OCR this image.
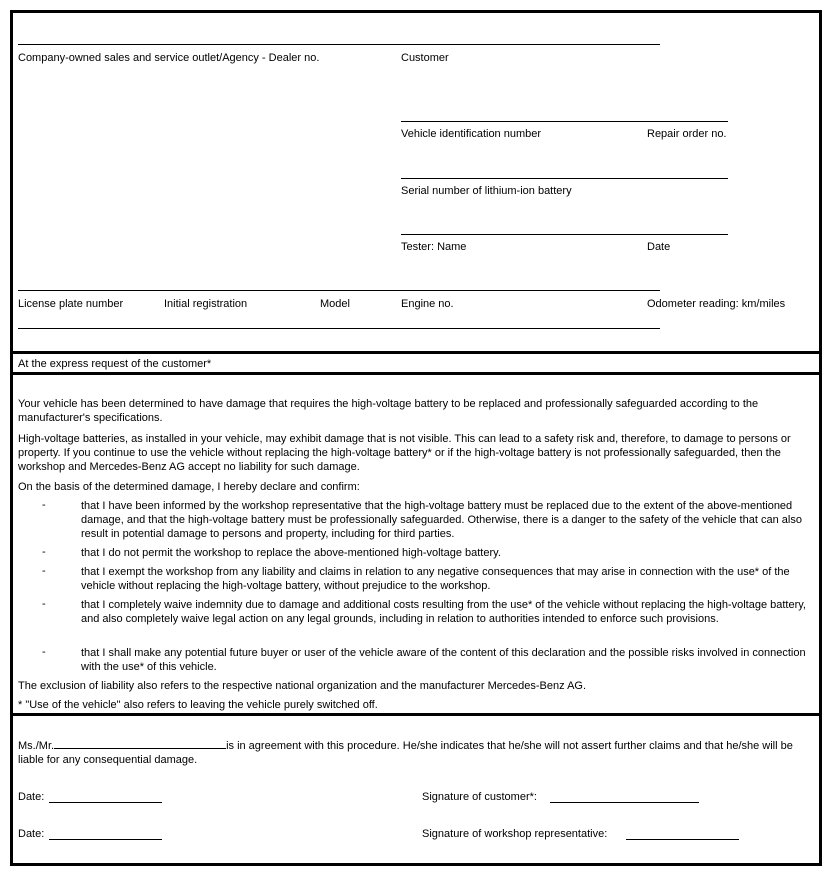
Company-owned sales and service outlet/Agency - Dealer no.	Customer
Vehicle identification number	Repair order no.
Serial number of lithium-ion battery
Tester: Name	Date
License plate number	Initial registration	Model	Engine no.	Odometer reading: km/miles
At the express request of the customer*
Your vehicle has been determined to have damage that requires the high-voltage battery to be replaced and professionally safeguarded according to the manufacturer's specifications.
High-voltage batteries, as installed in your vehicle, may exhibit damage that is not visible. This can lead to a safety risk and, therefore, to damage to persons or property. If you continue to use the vehicle without replacing the high-voltage battery* or if the high-voltage battery is not professionally safeguarded, then the workshop and Mercedes-Benz AG accept no liability for such damage.
On the basis of the determined damage, I hereby declare and confirm:
-	that I have been informed by the workshop representative that the high-voltage battery must be replaced due to the extent of the above-mentioned damage, and that the high-voltage battery must be professionally safeguarded. Otherwise, there is a danger to the safety of the vehicle that can also result in potential damage to persons and property, including for third parties.
-	that I do not permit the workshop to replace the above-mentioned high-voltage battery.
-	that I exempt the workshop from any liability and claims in relation to any negative consequences that may arise in connection with the use* of the vehicle without replacing the high-voltage battery, without prejudice to the workshop.
-	that I completely waive indemnity due to damage and additional costs resulting from the use* of the vehicle without replacing the high-voltage battery, and also completely waive legal action on any legal grounds, including in relation to authorities intended to enforce such provisions.
-	that I shall make any potential future buyer or user of the vehicle aware of the content of this declaration and the possible risks involved in connection with the use* of this vehicle.
The exclusion of liability also refers to the respective national organization and the manufacturer Mercedes-Benz AG.
* "Use of the vehicle" also refers to leaving the vehicle purely switched off.
Ms./Mr.	is in agreement with this procedure. He/she indicates that he/she will not assert further claims and that he/she will be liable for any consequential damage.
Date:	Signature of customer*:
Date:	Signature of workshop representative:
